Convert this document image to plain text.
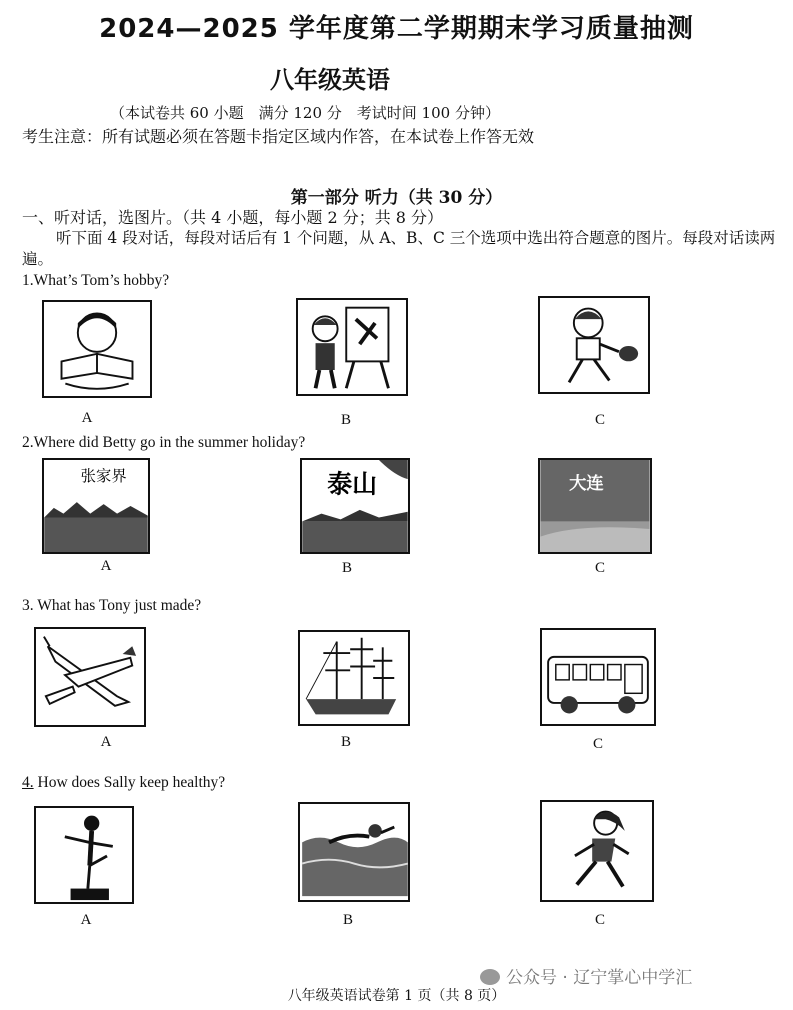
2024—2025 学年度第二学期期末学习质量抽测
八年级英语
（本试卷共 60 小题　满分 120 分　考试时间 100 分钟）
考生注意：所有试题必须在答题卡指定区域内作答，在本试卷上作答无效
第一部分 听力（共 30 分）
一、听对话，选图片。（共 4 小题，每小题 2 分；共 8 分）
听下面 4 段对话，每段对话后有 1 个问题，从 A、B、C 三个选项中选出符合题意的图片。每段对话读两遍。
1.What’s Tom’s hobby?
A	B	C
2.Where did Betty go in the summer holiday?
张家界
A
泰山
B
大连
C
3. What has Tony just made?
A	B	C
4. How does Sally keep healthy?
A	B	C
公众号 · 辽宁掌心中学汇
八年级英语试卷第 1 页（共 8 页）
